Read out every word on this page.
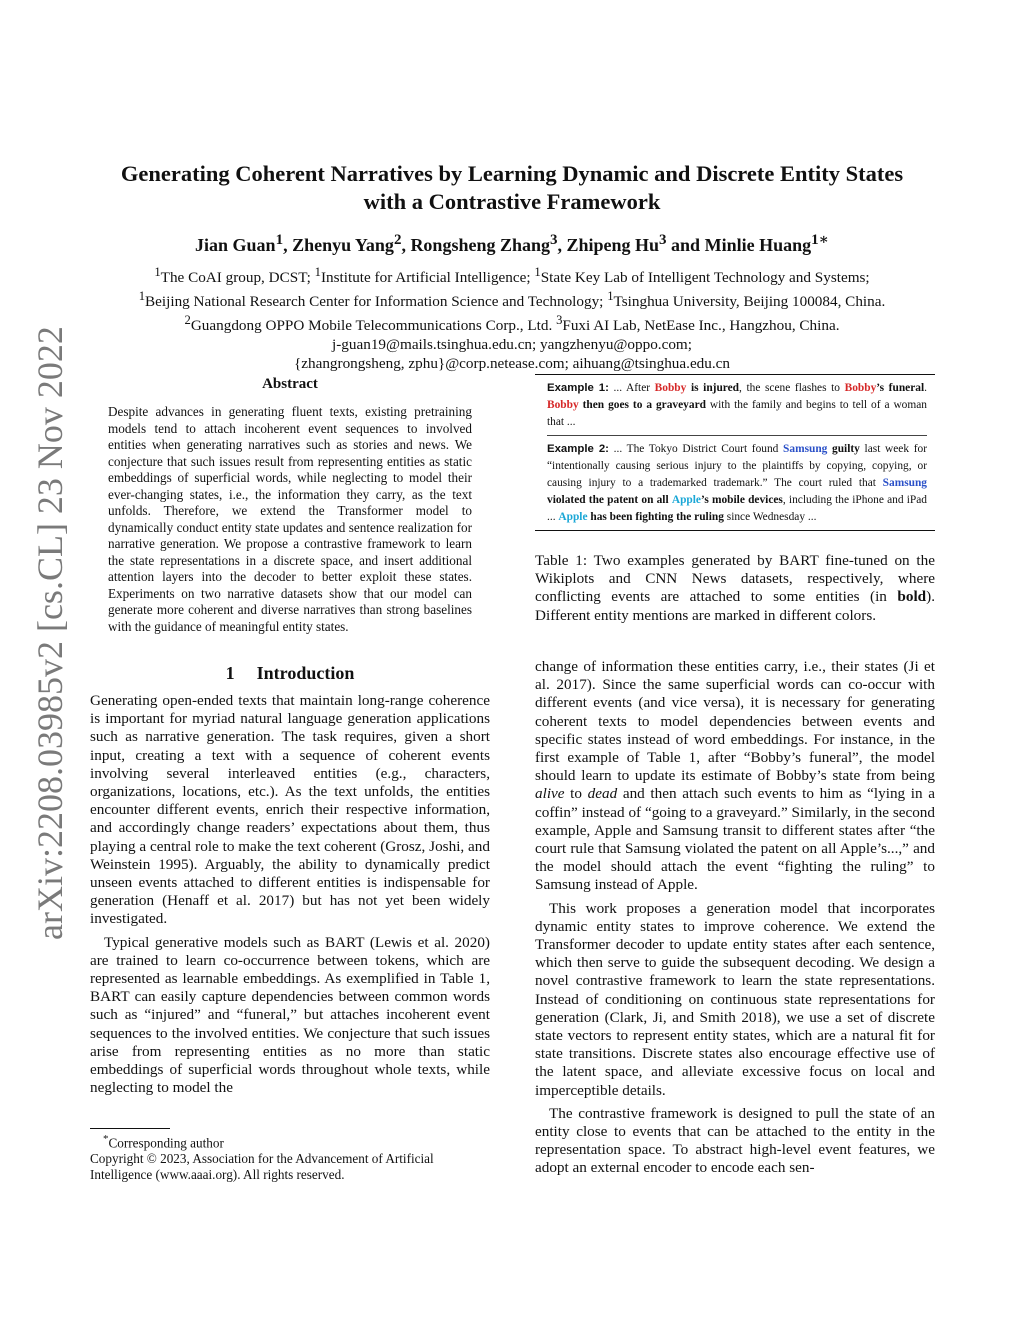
arXiv:2208.03985v2 [cs.CL] 23 Nov 2022
Generating Coherent Narratives by Learning Dynamic and Discrete Entity States
with a Contrastive Framework
Jian Guan$^1$, Zhenyu Yang$^2$, Rongsheng Zhang$^3$, Zhipeng Hu$^3$ and Minlie Huang$^{1∗}$
$^1$The CoAI group, DCST; $^1$Institute for Artificial Intelligence; $^1$State Key Lab of Intelligent Technology and Systems;
$^1$Beijing National Research Center for Information Science and Technology; $^1$Tsinghua University, Beijing 100084, China.
$^2$Guangdong OPPO Mobile Telecommunications Corp., Ltd. $^3$Fuxi AI Lab, NetEase Inc., Hangzhou, China.
j-guan19@mails.tsinghua.edu.cn; yangzhenyu@oppo.com;
{zhangrongsheng, zphu}@corp.netease.com; aihuang@tsinghua.edu.cn
Abstract

Despite advances in generating fluent texts, existing pretraining models tend to attach incoherent event sequences to involved entities when generating narratives such as stories and news. We conjecture that such issues result from representing entities as static embeddings of superficial words, while neglecting to model their ever-changing states, i.e., the information they carry, as the text unfolds. Therefore, we extend the Transformer model to dynamically conduct entity state updates and sentence realization for narrative generation. We propose a contrastive framework to learn the state representations in a discrete space, and insert additional attention layers into the decoder to better exploit these states. Experiments on two narrative datasets show that our model can generate more coherent and diverse narratives than strong baselines with the guidance of meaningful entity states.

1 Introduction

Generating open-ended texts that maintain long-range coherence is important for myriad natural language generation applications such as narrative generation. The task requires, given a short input, creating a text with a sequence of coherent events involving several interleaved entities (e.g., characters, organizations, locations, etc.). As the text unfolds, the entities encounter different events, enrich their respective information, and accordingly change readers’ expectations about them, thus playing a central role to make the text coherent (Grosz, Joshi, and Weinstein 1995). Arguably, the ability to dynamically predict unseen events attached to different entities is indispensable for generation (Henaff et al. 2017) but has not yet been widely investigated.

Typical generative models such as BART (Lewis et al. 2020) are trained to learn co-occurrence between tokens, which are represented as learnable embeddings. As exemplified in Table 1, BART can easily capture dependencies between common words such as “injured” and “funeral,” but attaches incoherent event sequences to the involved entities. We conjecture that such issues arise from representing entities as no more than static embeddings of superficial words throughout whole texts, while neglecting to model the

*Corresponding author
Copyright © 2023, Association for the Advancement of Artificial Intelligence (www.aaai.org). All rights reserved.
Example 1: ... After Bobby is injured, the scene flashes to Bobby’s funeral. Bobby then goes to a graveyard with the family and begins to tell of a woman that ...
Example 2: ... The Tokyo District Court found Samsung guilty last week for “intentionally causing serious injury to the plaintiffs by copying, copying, or causing injury to a trademarked trademark.” The court ruled that Samsung violated the patent on all Apple’s mobile devices, including the iPhone and iPad ... Apple has been fighting the ruling since Wednesday ...
Table 1: Two examples generated by BART fine-tuned on the Wikiplots and CNN News datasets, respectively, where conflicting events are attached to some entities (in bold). Different entity mentions are marked in different colors.

change of information these entities carry, i.e., their states (Ji et al. 2017). Since the same superficial words can co-occur with different events (and vice versa), it is necessary for generating coherent texts to model dependencies between events and specific states instead of word embeddings. For instance, in the first example of Table 1, after “Bobby’s funeral”, the model should learn to update its estimate of Bobby’s state from being alive to dead and then attach such events to him as “lying in a coffin” instead of “going to a graveyard.” Similarly, in the second example, Apple and Samsung transit to different states after “the court rule that Samsung violated the patent on all Apple’s...,” and the model should attach the event “fighting the ruling” to Samsung instead of Apple.

This work proposes a generation model that incorporates dynamic entity states to improve coherence. We extend the Transformer decoder to update entity states after each sentence, which then serve to guide the subsequent decoding. We design a novel contrastive framework to learn the state representations. Instead of conditioning on continuous state representations for generation (Clark, Ji, and Smith 2018), we use a set of discrete state vectors to represent entity states, which are a natural fit for state transitions. Discrete states also encourage effective use of the latent space, and alleviate excessive focus on local and imperceptible details.

The contrastive framework is designed to pull the state of an entity close to events that can be attached to the entity in the representation space. To abstract high-level event features, we adopt an external encoder to encode each sen-
